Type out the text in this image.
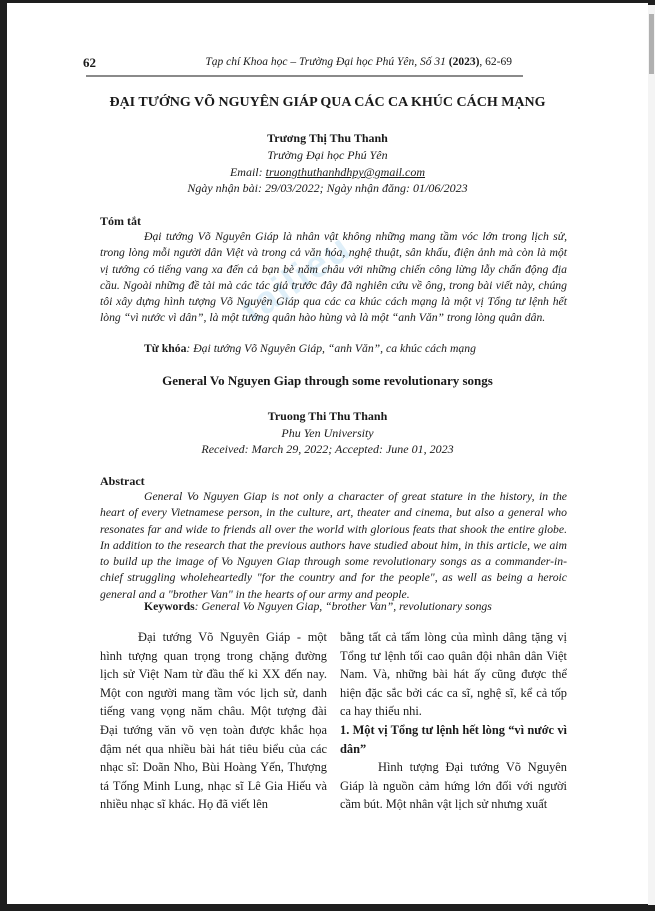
tailieu
62	Tạp chí Khoa học – Trường Đại học Phú Yên, Số 31 (2023), 62-69
ĐẠI TƯỚNG VÕ NGUYÊN GIÁP QUA CÁC CA KHÚC CÁCH MẠNG
Trương Thị Thu Thanh
Trường Đại học Phú Yên
Email: truongthuthanhdhpy@gmail.com
Ngày nhận bài: 29/03/2022; Ngày nhận đăng: 01/06/2023
Tóm tắt
Đại tướng Võ Nguyên Giáp là nhân vật không những mang tầm vóc lớn trong lịch sử, trong lòng mỗi người dân Việt và trong cả văn hóa, nghệ thuật, sân khấu, điện ảnh mà còn là một vị tướng có tiếng vang xa đến cả bạn bè năm châu với những chiến công lừng lẫy chấn động địa cầu. Ngoài những đề tài mà các tác giả trước đây đã nghiên cứu về ông, trong bài viết này, chúng tôi xây dựng hình tượng Võ Nguyên Giáp qua các ca khúc cách mạng là một vị Tổng tư lệnh hết lòng “vì nước vì dân”, là một tướng quân hào hùng và là một “anh Văn” trong lòng quân dân.
Từ khóa: Đại tướng Võ Nguyên Giáp, “anh Văn”, ca khúc cách mạng
General Vo Nguyen Giap through some revolutionary songs
Truong Thi Thu Thanh
Phu Yen University
Received: March 29, 2022; Accepted: June 01, 2023
Abstract
General Vo Nguyen Giap is not only a character of great stature in the history, in the heart of every Vietnamese person, in the culture, art, theater and cinema, but also a general who resonates far and wide to friends all over the world with glorious feats that shook the entire globe. In addition to the research that the previous authors have studied about him, in this article, we aim to build up the image of Vo Nguyen Giap through some revolutionary songs as a commander-in-chief struggling wholeheartedly "for the country and for the people", as well as being a heroic general and a "brother Van" in the hearts of our army and people.
Keywords: General Vo Nguyen Giap, “brother Van”, revolutionary songs
Đại tướng Võ Nguyên Giáp - một hình tượng quan trọng trong chặng đường lịch sử Việt Nam từ đầu thế kỉ XX đến nay. Một con người mang tầm vóc lịch sử, danh tiếng vang vọng năm châu. Một tượng đài Đại tướng văn võ vẹn toàn được khắc họa đậm nét qua nhiều bài hát tiêu biểu của các nhạc sĩ: Doãn Nho, Bùi Hoàng Yến, Thượng tá Tống Minh Lung, nhạc sĩ Lê Gia Hiếu và nhiều nhạc sĩ khác. Họ đã viết lên
bằng tất cả tấm lòng của mình dâng tặng vị Tổng tư lệnh tối cao quân đội nhân dân Việt Nam. Và, những bài hát ấy cũng được thể hiện đặc sắc bởi các ca sĩ, nghệ sĩ, kể cả tốp ca hay thiếu nhi.
1. Một vị Tổng tư lệnh hết lòng “vì nước vì dân”
Hình tượng Đại tướng Võ Nguyên Giáp là nguồn cảm hứng lớn đối với người cầm bút. Một nhân vật lịch sử nhưng xuất
